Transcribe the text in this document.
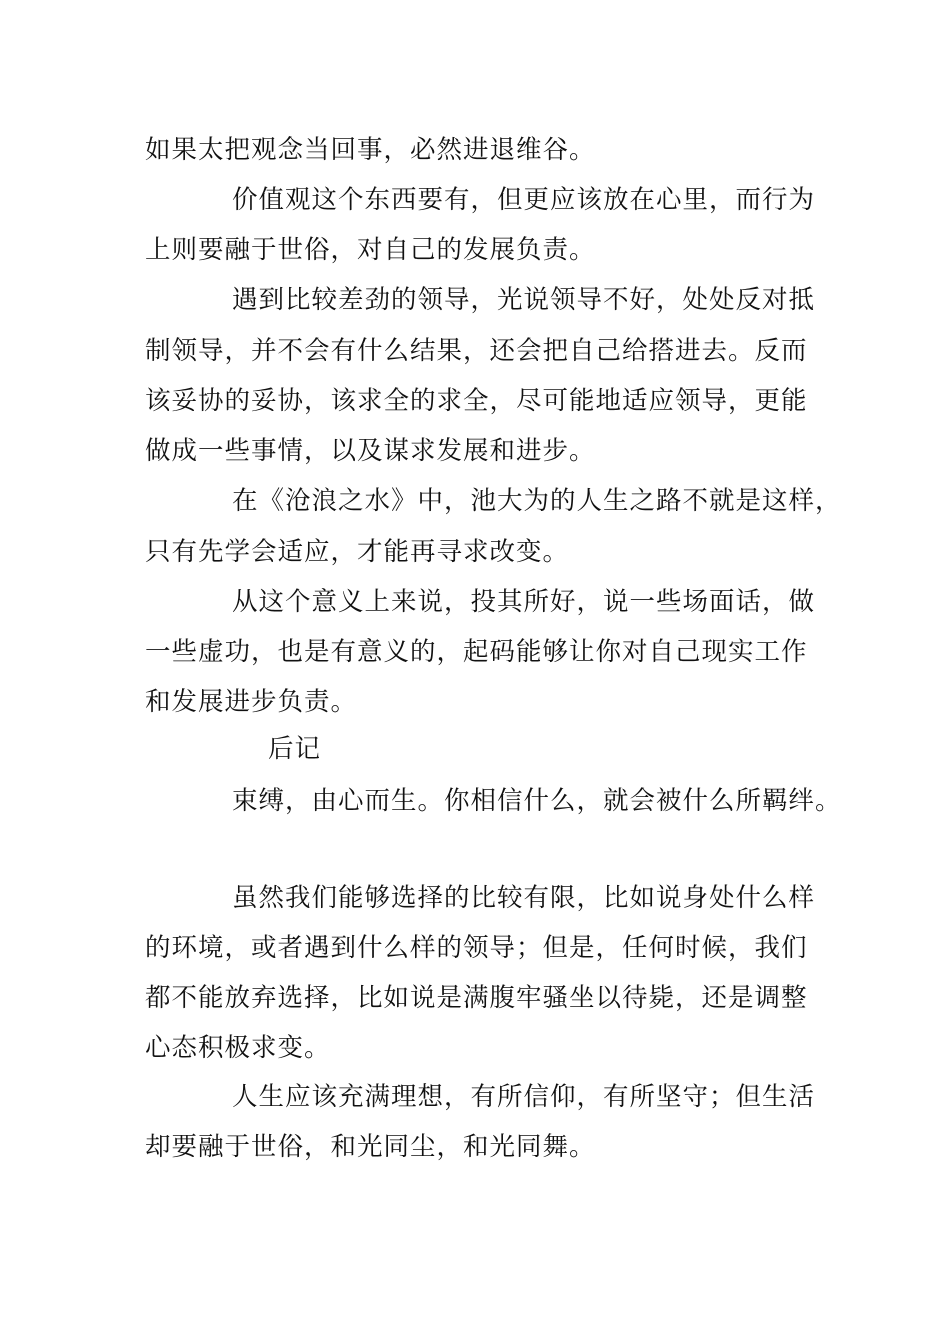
如果太把观念当回事，必然进退维谷。
价值观这个东西要有，但更应该放在心里，而行为
上则要融于世俗，对自己的发展负责。
遇到比较差劲的领导，光说领导不好，处处反对抵
制领导，并不会有什么结果，还会把自己给搭进去。反而
该妥协的妥协，该求全的求全，尽可能地适应领导，更能
做成一些事情，以及谋求发展和进步。
在《沧浪之水》中，池大为的人生之路不就是这样，
只有先学会适应，才能再寻求改变。
从这个意义上来说，投其所好，说一些场面话，做
一些虚功，也是有意义的，起码能够让你对自己现实工作
和发展进步负责。
后记
束缚，由心而生。你相信什么，就会被什么所羁绊。
虽然我们能够选择的比较有限，比如说身处什么样
的环境，或者遇到什么样的领导；但是，任何时候，我们
都不能放弃选择，比如说是满腹牢骚坐以待毙，还是调整
心态积极求变。
人生应该充满理想，有所信仰，有所坚守；但生活
却要融于世俗，和光同尘，和光同舞。
